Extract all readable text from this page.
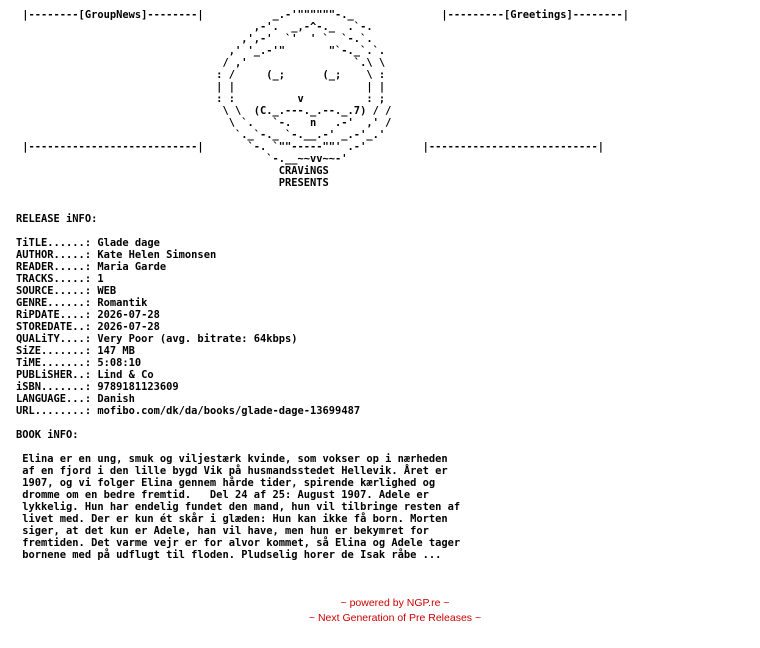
|--------[GroupNews]--------|           _.-'""""""-._              |---------[Greetings]--------|
,-'.  _,-^-._  .`-.
,',-'  `'  ' `  `-.`.
,' '_.-'"       "`-._`.`.
/ ,'                 `.\ \
: /     (_;      (_;    \ :
| |                     | |
: :          v          : ;
\ \  (C._.---._.--._.7) / /
\ `.   `-.   n   .-'  ,' /
`._`-._ `-.__.-' _.-'_.'
|---------------------------|       `-. `""-----""' .-'         |---------------------------|
`-.__~~vv~~-'
CRAViNGS
PRESENTS

RELEASE iNFO:

TiTLE......: Glade dage
AUTHOR.....: Kate Helen Simonsen
READER.....: Maria Garde
TRACKS.....: 1
SOURCE.....: WEB
GENRE......: Romantik
RiPDATE....: 2026-07-28
STOREDATE..: 2026-07-28
QUALiTY....: Very Poor (avg. bitrate: 64kbps)
SiZE.......: 147 MB
TiME.......: 5:08:10
PUBLiSHER..: Lind & Co
iSBN.......: 9789181123609
LANGUAGE...: Danish
URL........: mofibo.com/dk/da/books/glade-dage-13699487

BOOK iNFO:

Elina er en ung, smuk og viljestærk kvinde, som vokser op i nærheden
af en fjord i den lille bygd Vik på husmandsstedet Hellevik. Året er
1907, og vi folger Elina gennem hårde tider, spirende kærlighed og
dromme om en bedre fremtid.   Del 24 af 25: August 1907. Adele er
lykkelig. Hun har endelig fundet den mand, hun vil tilbringe resten af
livet med. Der er kun ét skår i glæden: Hun kan ikke få born. Morten
siger, at det kun er Adele, han vil have, men hun er bekymret for
fremtiden. Det varme vejr er for alvor kommet, så Elina og Adele tager
bornene med på udflugt til floden. Pludselig horer de Isak råbe ...
~ powered by NGP.re ~
~ Next Generation of Pre Releases ~
